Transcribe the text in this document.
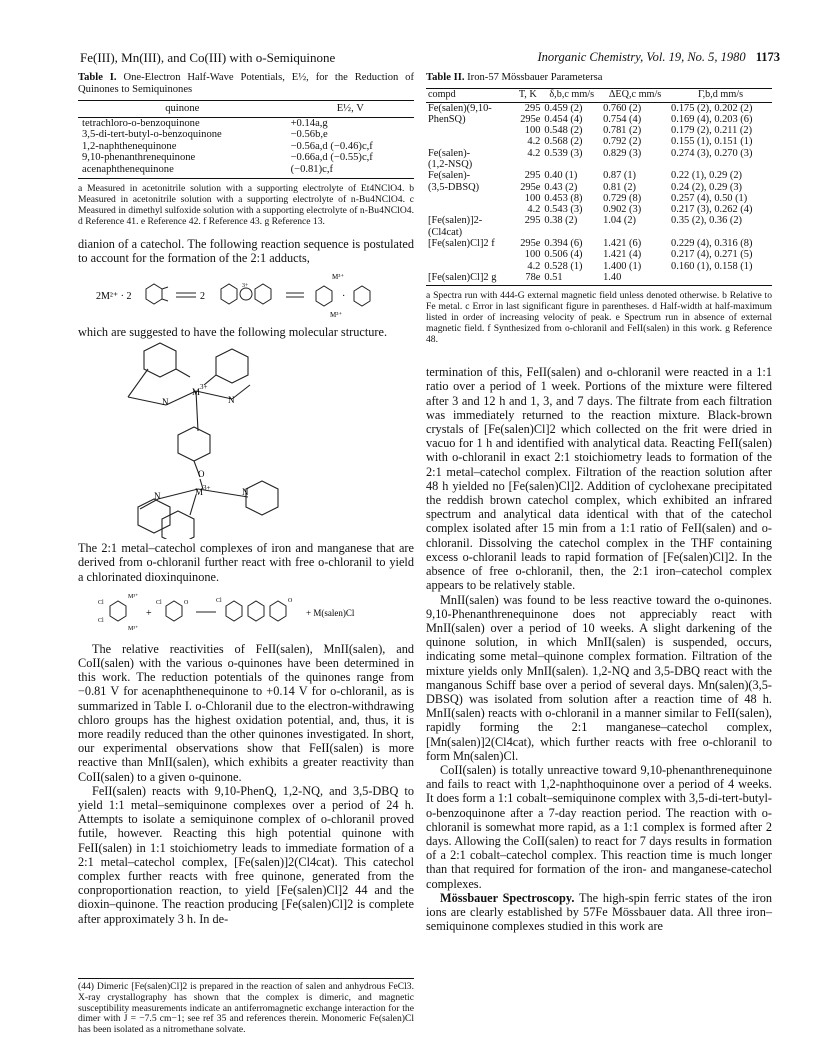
Fe(III), Mn(III), and Co(III) with o-Semiquinone	Inorganic Chemistry, Vol. 19, No. 5, 1980 1173
Table I. One-Electron Half-Wave Potentials, E½, for the Reduction of Quinones to Semiquinones
quinone	E½, V
tetrachloro-o-benzoquinone	+0.14a,g
3,5-di-tert-butyl-o-benzoquinone	−0.56b,e
1,2-naphthenequinone	−0.56a,d (−0.46)c,f
9,10-phenanthrenequinone	−0.66a,d (−0.55)c,f
acenaphthenequinone	(−0.81)c,f
a Measured in acetonitrile solution with a supporting electrolyte of Et4NClO4. b Measured in acetonitrile solution with a supporting electrolyte of n-Bu4NClO4. c Measured in dimethyl sulfoxide solution with a supporting electrolyte of n-Bu4NClO4. d Reference 41. e Reference 42. f Reference 43. g Reference 13.

dianion of a catechol. The following reaction sequence is postulated to account for the formation of the 2:1 adducts,

2M²⁺ · 2	2
3+
M³⁺
M³⁺
·

which are suggested to have the following molecular structure.

M 3+
N	N
O
M 3+
N	N

The 2:1 metal–catechol complexes of iron and manganese that are derived from o-chloranil further react with free o-chloranil to yield a chlorinated dioxinquinone.

Cl
Cl
M³⁺
M³⁺
+
Cl	O	Cl	O
+ M(salen)Cl

The relative reactivities of FeII(salen), MnII(salen), and CoII(salen) with the various o-quinones have been determined in this work. The reduction potentials of the quinones range from −0.81 V for acenaphthenequinone to +0.14 V for o-chloranil, as is summarized in Table I. o-Chloranil due to the electron-withdrawing chloro groups has the highest oxidation potential, and, thus, it is more readily reduced than the other quinones investigated. In short, our experimental observations show that FeII(salen) is more reactive than MnII(salen), which exhibits a greater reactivity than CoII(salen) to a given o-quinone.

FeII(salen) reacts with 9,10-PhenQ, 1,2-NQ, and 3,5-DBQ to yield 1:1 metal–semiquinone complexes over a period of 24 h. Attempts to isolate a semiquinone complex of o-chloranil proved futile, however. Reacting this high potential quinone with FeII(salen) in 1:1 stoichiometry leads to immediate formation of a 2:1 metal–catechol complex, [Fe(salen)]2(Cl4cat). This catechol complex further reacts with free quinone, generated from the conproportionation reaction, to yield [Fe(salen)Cl]2 44 and the dioxin–quinone. The reaction producing [Fe(salen)Cl]2 is complete after approximately 3 h. In de-

(44) Dimeric [Fe(salen)Cl]2 is prepared in the reaction of salen and anhydrous FeCl3. X-ray crystallography has shown that the complex is dimeric, and magnetic susceptibility measurements indicate an antiferromagnetic exchange interaction for the dimer with J = −7.5 cm−1; see ref 35 and references therein. Monomeric Fe(salen)Cl has been isolated as a nitromethane solvate.
Table II. Iron-57 Mössbauer Parametersa
compd	T, K	δ,b,c mm/s	ΔEQ,c mm/s	Γ,b,d mm/s
Fe(salen)(9,10-	295	0.459 (2)	0.760 (2)	0.175 (2), 0.202 (2)
PhenSQ)	295e	0.454 (4)	0.754 (4)	0.169 (4), 0.203 (6)
	100	0.548 (2)	0.781 (2)	0.179 (2), 0.211 (2)
	4.2	0.568 (2)	0.792 (2)	0.155 (1), 0.151 (1)
Fe(salen)-	4.2	0.539 (3)	0.829 (3)	0.274 (3), 0.270 (3)
(1,2-NSQ)				
Fe(salen)-	295	0.40 (1)	0.87 (1)	0.22 (1), 0.29 (2)
(3,5-DBSQ)	295e	0.43 (2)	0.81 (2)	0.24 (2), 0.29 (3)
	100	0.453 (8)	0.729 (8)	0.257 (4), 0.50 (1)
	4.2	0.543 (3)	0.902 (3)	0.217 (3), 0.262 (4)
[Fe(salen)]2-	295	0.38 (2)	1.04 (2)	0.35 (2), 0.36 (2)
(Cl4cat)				
[Fe(salen)Cl]2 f	295e	0.394 (6)	1.421 (6)	0.229 (4), 0.316 (8)
	100	0.506 (4)	1.421 (4)	0.217 (4), 0.271 (5)
	4.2	0.528 (1)	1.400 (1)	0.160 (1), 0.158 (1)
[Fe(salen)Cl]2 g	78e	0.51	1.40	
a Spectra run with 444-G external magnetic field unless denoted otherwise. b Relative to Fe metal. c Error in last significant figure in parentheses. d Half-width at half-maximum listed in order of increasing velocity of peak. e Spectrum run in absence of external magnetic field. f Synthesized from o-chloranil and FeII(salen) in this work. g Reference 48.

termination of this, FeII(salen) and o-chloranil were reacted in a 1:1 ratio over a period of 1 week. Portions of the mixture were filtered after 3 and 12 h and 1, 3, and 7 days. The filtrate from each filtration was immediately returned to the reaction mixture. Black-brown crystals of [Fe(salen)Cl]2 which collected on the frit were dried in vacuo for 1 h and identified with analytical data. Reacting FeII(salen) with o-chloranil in exact 2:1 stoichiometry leads to formation of the 2:1 metal–catechol complex. Filtration of the reaction solution after 48 h yielded no [Fe(salen)Cl]2. Addition of cyclohexane precipitated the reddish brown catechol complex, which exhibited an infrared spectrum and analytical data identical with that of the catechol complex isolated after 15 min from a 1:1 ratio of FeII(salen) and o-chloranil. Dissolving the catechol complex in the THF containing excess o-chloranil leads to rapid formation of [Fe(salen)Cl]2. In the absence of free o-chloranil, then, the 2:1 iron–catechol complex appears to be relatively stable.

MnII(salen) was found to be less reactive toward the o-quinones. 9,10-Phenanthrenequinone does not appreciably react with MnII(salen) over a period of 10 weeks. A slight darkening of the quinone solution, in which MnII(salen) is suspended, occurs, indicating some metal–quinone complex formation. Filtration of the mixture yields only MnII(salen). 1,2-NQ and 3,5-DBQ react with the manganous Schiff base over a period of several days. Mn(salen)(3,5-DBSQ) was isolated from solution after a reaction time of 48 h. MnII(salen) reacts with o-chloranil in a manner similar to FeII(salen), rapidly forming the 2:1 manganese–catechol complex, [Mn(salen)]2(Cl4cat), which further reacts with free o-chloranil to form Mn(salen)Cl.

CoII(salen) is totally unreactive toward 9,10-phenanthrenequinone and fails to react with 1,2-naphthoquinone over a period of 4 weeks. It does form a 1:1 cobalt–semiquinone complex with 3,5-di-tert-butyl-o-benzoquinone after a 7-day reaction period. The reaction with o-chloranil is somewhat more rapid, as a 1:1 complex is formed after 2 days. Allowing the CoII(salen) to react for 7 days results in formation of a 2:1 cobalt–catechol complex. This reaction time is much longer than that required for formation of the iron- and manganese-catechol complexes.

Mössbauer Spectroscopy. The high-spin ferric states of the iron ions are clearly established by 57Fe Mössbauer data. All three iron–semiquinone complexes studied in this work are
